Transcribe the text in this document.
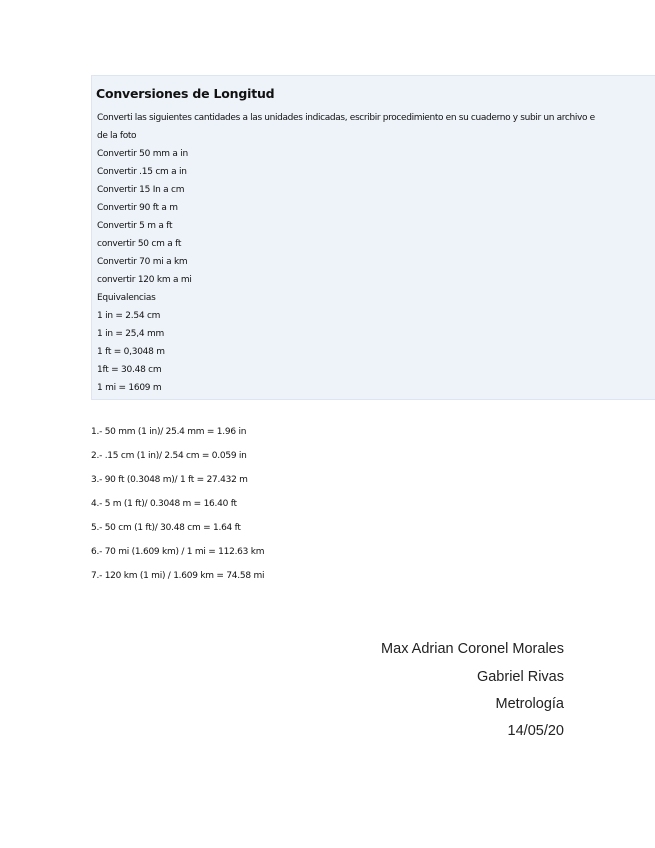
Conversiones de Longitud
Converti las siguientes cantidades a las unidades indicadas, escribir procedimiento en su cuaderno y subir un archivo e
de la foto
Convertir 50 mm a in
Convertir .15 cm a in
Convertir 15 In a cm
Convertir 90 ft a m
Convertir 5 m a ft
convertir 50 cm a ft
Convertir 70 mi a km
convertir 120 km a mi
Equivalencias
1 in = 2.54 cm
1 in = 25,4 mm
1 ft = 0,3048 m
1ft = 30.48 cm
1 mi = 1609 m
1.- 50 mm (1 in)/ 25.4 mm = 1.96 in
2.- .15 cm (1 in)/ 2.54 cm = 0.059 in
3.- 90 ft (0.3048 m)/ 1 ft = 27.432 m
4.- 5 m (1 ft)/ 0.3048 m = 16.40 ft
5.- 50 cm (1 ft)/ 30.48 cm = 1.64 ft
6.- 70 mi (1.609 km) / 1 mi = 112.63 km
7.- 120 km (1 mi) / 1.609 km = 74.58 mi
Max Adrian Coronel Morales
Gabriel Rivas
Metrología
14/05/20
